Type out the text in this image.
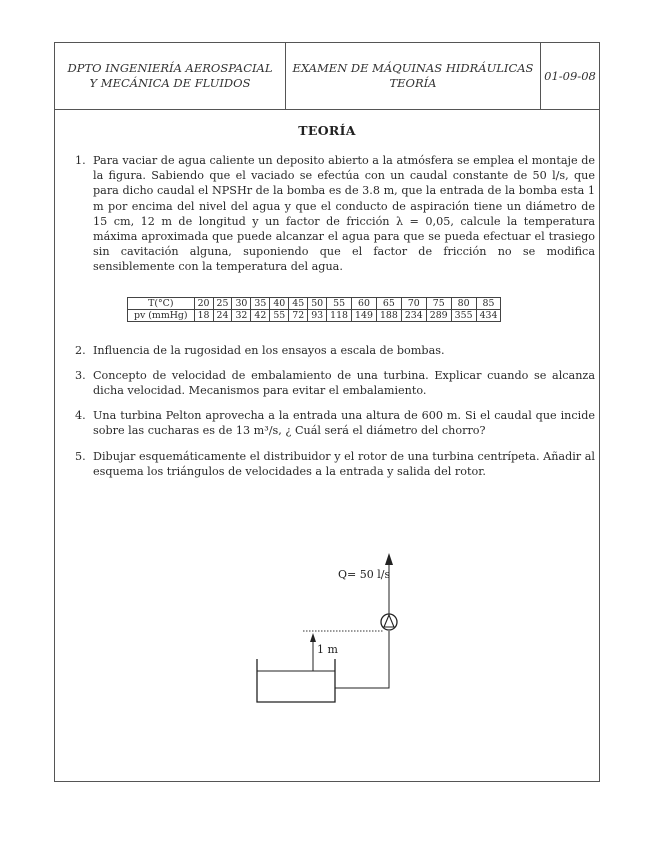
DPTO INGENIERÍA AEROSPACIAL
Y MECÁNICA DE FLUIDOS
EXAMEN DE MÁQUINAS HIDRÁULICAS
TEORÍA
01-09-08
TEORÍA
1. Para vaciar de agua caliente un deposito abierto a la atmósfera se emplea el montaje de la figura. Sabiendo que el vaciado se efectúa con un caudal constante de 50 l/s, que para dicho caudal el NPSHr de la bomba es de 3.8 m, que la entrada de la bomba esta 1 m por encima del nivel del agua y que el conducto de aspiración tiene un diámetro de 15 cm, 12 m de longitud y un factor de fricción λ = 0,05, calcule la temperatura máxima aproximada que puede alcanzar el agua para que se pueda efectuar el trasiego sin cavitación alguna, suponiendo que el factor de fricción no se modifica sensiblemente con la temperatura del agua.
T(°C)	20	25	30	35	40	45	50	55	60	65	70	75	80	85
pv (mmHg)	18	24	32	42	55	72	93	118	149	188	234	289	355	434
2. Influencia de la rugosidad en los ensayos a escala de bombas.
3. Concepto de velocidad de embalamiento de una turbina. Explicar cuando se alcanza dicha velocidad. Mecanismos para evitar el embalamiento.
4. Una turbina Pelton aprovecha a la entrada una altura de 600 m. Si el caudal que incide sobre las cucharas es de 13 m³/s, ¿ Cuál será el diámetro del chorro?
5. Dibujar esquemáticamente el distribuidor y el rotor de una turbina centrípeta. Añadir al esquema los triángulos de velocidades a la entrada y salida del rotor.
1 m
Q= 50 l/s
